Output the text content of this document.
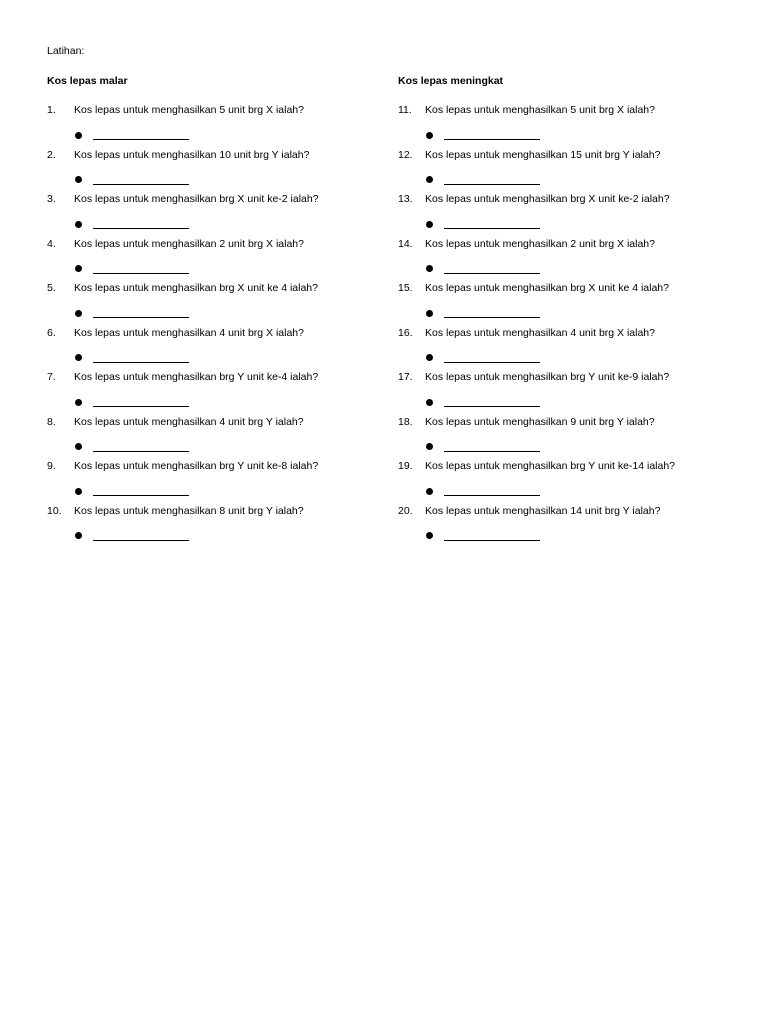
Latihan:
Kos lepas malar
1.	Kos lepas untuk menghasilkan 5 unit brg X ialah?
2.	Kos lepas untuk menghasilkan 10 unit brg Y ialah?
3.	Kos lepas untuk menghasilkan brg X unit ke-2 ialah?
4.	Kos lepas untuk menghasilkan 2 unit brg X ialah?
5.	Kos lepas untuk menghasilkan brg X unit ke 4 ialah?
6.	Kos lepas untuk menghasilkan 4 unit brg X ialah?
7.	Kos lepas untuk menghasilkan brg Y unit ke-4 ialah?
8.	Kos lepas untuk menghasilkan 4 unit brg Y ialah?
9.	Kos lepas untuk menghasilkan brg Y unit ke-8 ialah?
10.	Kos lepas untuk menghasilkan 8 unit brg Y ialah?
Kos lepas meningkat
11.	Kos lepas untuk menghasilkan 5 unit brg X ialah?
12.	Kos lepas untuk menghasilkan 15 unit brg Y ialah?
13.	Kos lepas untuk menghasilkan brg X unit ke-2 ialah?
14.	Kos lepas untuk menghasilkan 2 unit brg X ialah?
15.	Kos lepas untuk menghasilkan brg X unit ke 4 ialah?
16.	Kos lepas untuk menghasilkan 4 unit brg X ialah?
17.	Kos lepas untuk menghasilkan brg Y unit ke-9 ialah?
18.	Kos lepas untuk menghasilkan 9 unit brg Y ialah?
19.	Kos lepas untuk menghasilkan brg Y unit ke-14 ialah?
20.	Kos lepas untuk menghasilkan 14 unit brg Y ialah?
